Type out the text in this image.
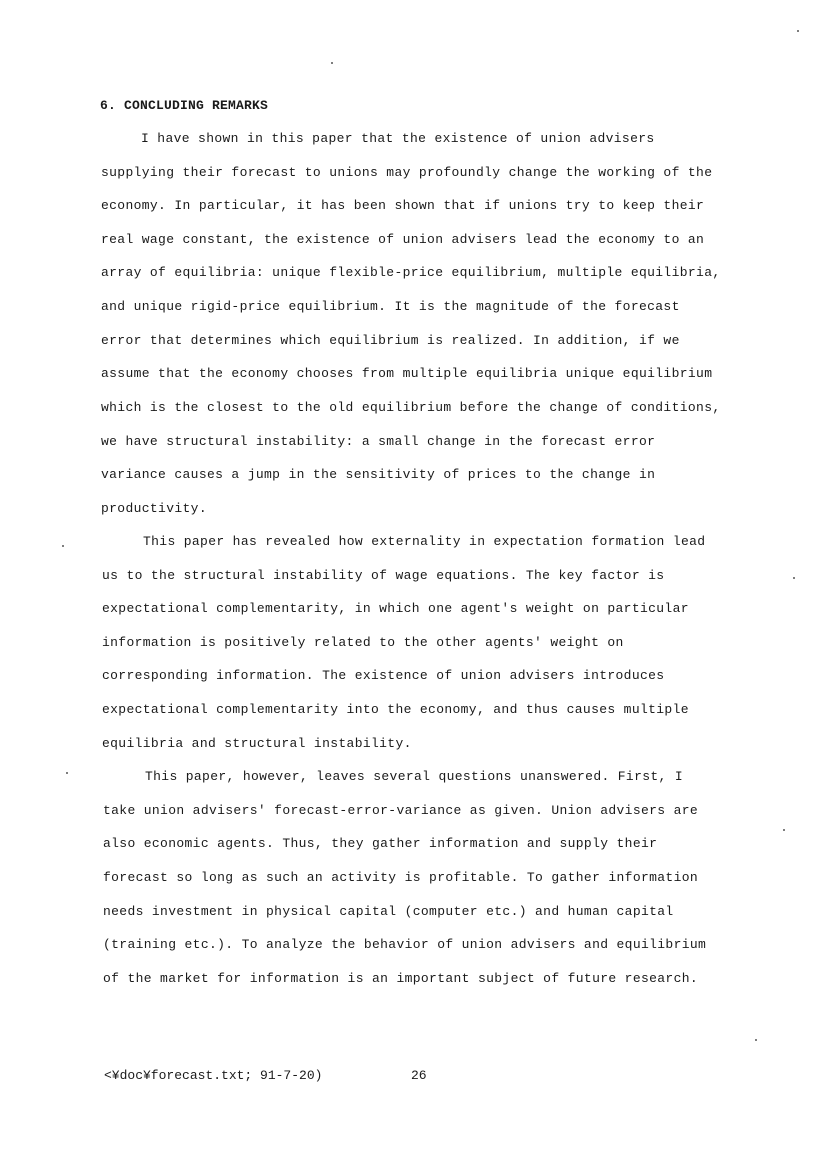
6. CONCLUDING REMARKS
I have shown in this paper that the existence of union advisers
supplying their forecast to unions may profoundly change the working of the
economy. In particular, it has been shown that if unions try to keep their
real wage constant, the existence of union advisers lead the economy to an
array of equilibria: unique flexible-price equilibrium, multiple equilibria,
and unique rigid-price equilibrium. It is the magnitude of the forecast
error that determines which equilibrium is realized. In addition, if we
assume that the economy chooses from multiple equilibria unique equilibrium
which is the closest to the old equilibrium before the change of conditions,
we have structural instability: a small change in the forecast error
variance causes a jump in the sensitivity of prices to the change in
productivity.
This paper has revealed how externality in expectation formation lead
us to the structural instability of wage equations. The key factor is
expectational complementarity, in which one agent's weight on particular
information is positively related to the other agents' weight on
corresponding information. The existence of union advisers introduces
expectational complementarity into the economy, and thus causes multiple
equilibria and structural instability.
This paper, however, leaves several questions unanswered. First, I
take union advisers' forecast-error-variance as given. Union advisers are
also economic agents. Thus, they gather information and supply their
forecast so long as such an activity is profitable. To gather information
needs investment in physical capital (computer etc.) and human capital
(training etc.). To analyze the behavior of union advisers and equilibrium
of the market for information is an important subject of future research.
<¥doc¥forecast.txt; 91-7-20)	26
